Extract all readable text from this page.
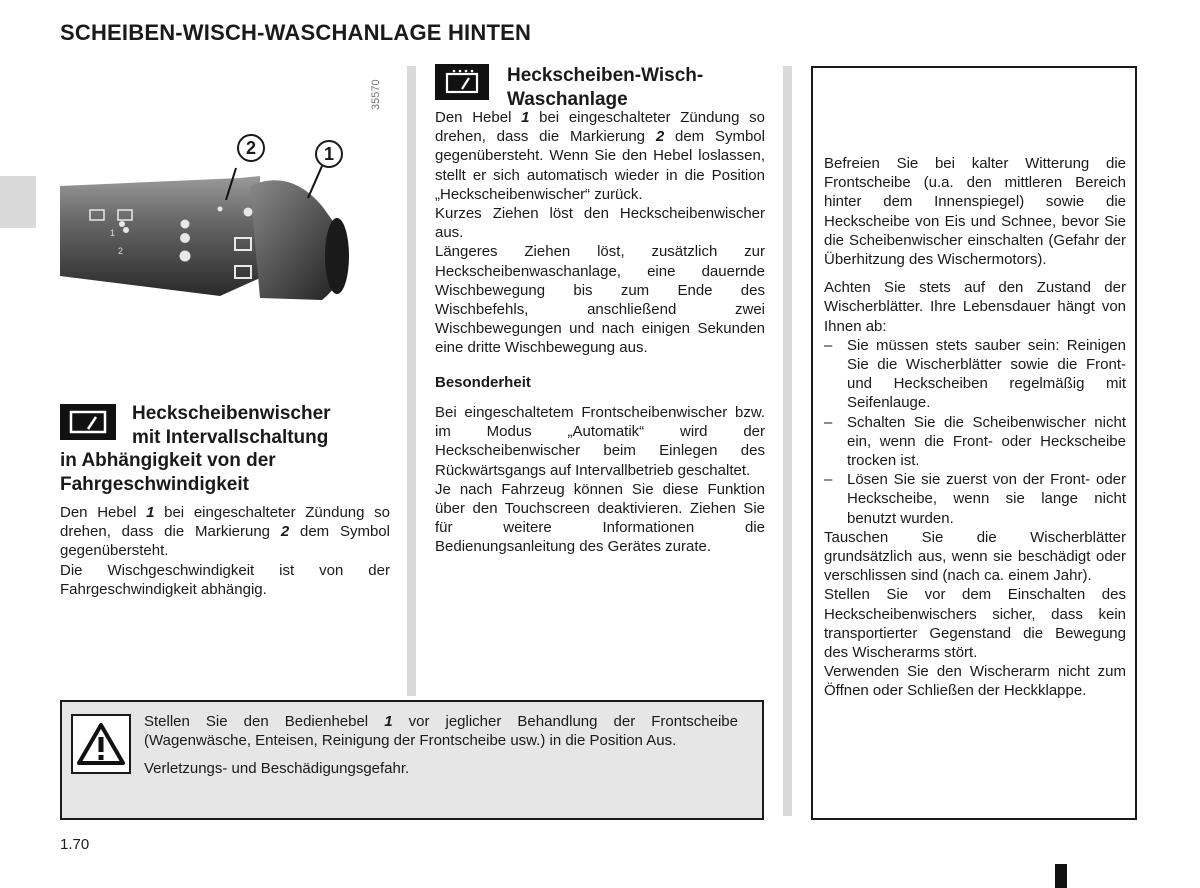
SCHEIBEN-WISCH-WASCHANLAGE HINTEN
1
2
35570
2	1
Heckscheibenwischer
mit Intervallschaltung
in Abhängigkeit von der
Fahrgeschwindigkeit

Den Hebel 1 bei eingeschalteter Zündung so drehen, dass die Markierung 2 dem Symbol gegenübersteht.

Die Wischgeschwindigkeit ist von der Fahrgeschwindigkeit abhängig.

Heckscheiben-Wisch-
Waschanlage

Den Hebel 1 bei eingeschalteter Zündung so drehen, dass die Markierung 2 dem Symbol gegenübersteht. Wenn Sie den Hebel loslassen, stellt er sich automatisch wieder in die Position „Heckscheibenwischer“ zurück.

Kurzes Ziehen löst den Heckscheibenwischer aus.

Längeres Ziehen löst, zusätzlich zur Heckscheibenwaschanlage, eine dauernde Wischbewegung bis zum Ende des Wischbefehls, anschließend zwei Wischbewegungen und nach einigen Sekunden eine dritte Wischbewegung aus.

Besonderheit

Bei eingeschaltetem Frontscheibenwischer bzw. im Modus „Automatik“ wird der Heckscheibenwischer beim Einlegen des Rückwärtsgangs auf Intervallbetrieb geschaltet.

Je nach Fahrzeug können Sie diese Funktion über den Touchscreen deaktivieren. Ziehen Sie für weitere Informationen die Bedienungsanleitung des Gerätes zurate.

Befreien Sie bei kalter Witterung die Frontscheibe (u.a. den mittleren Bereich hinter dem Innenspiegel) sowie die Heckscheibe von Eis und Schnee, bevor Sie die Scheibenwischer einschalten (Gefahr der Überhitzung des Wischermotors).

Achten Sie stets auf den Zustand der Wischerblätter. Ihre Lebensdauer hängt von Ihnen ab:

– Sie müssen stets sauber sein: Reinigen Sie die Wischerblätter sowie die Front- und Heckscheiben regelmäßig mit Seifenlauge.
– Schalten Sie die Scheibenwischer nicht ein, wenn die Front- oder Heckscheibe trocken ist.
– Lösen Sie sie zuerst von der Front- oder Heckscheibe, wenn sie lange nicht benutzt wurden.

Tauschen Sie die Wischerblätter grundsätzlich aus, wenn sie beschädigt oder verschlissen sind (nach ca. einem Jahr).

Stellen Sie vor dem Einschalten des Heckscheibenwischers sicher, dass kein transportierter Gegenstand die Bewegung des Wischerarms stört.

Verwenden Sie den Wischerarm nicht zum Öffnen oder Schließen der Heckklappe.

Stellen Sie den Bedienhebel 1 vor jeglicher Behandlung der Frontscheibe (Wagenwäsche, Enteisen, Reinigung der Frontscheibe usw.) in die Position Aus.

Verletzungs- und Beschädigungsgefahr.

1.70
